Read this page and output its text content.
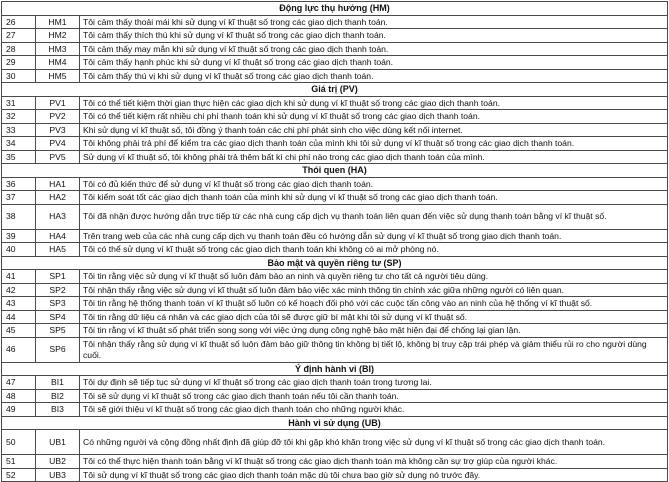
Động lực thụ hưởng (HM)		
26	HM1	Tôi cảm thấy thoải mái khi sử dụng ví kĩ thuật số trong các giao dịch thanh toán.
27	HM2	Tôi cảm thấy thích thú khi sử dụng ví kĩ thuật số trong các giao dịch thanh toán.
28	HM3	Tôi cảm thấy may mắn khi sử dụng ví kĩ thuật số trong các giao dịch thanh toán.
29	HM4	Tôi cảm thấy hạnh phúc khi sử dụng ví kĩ thuật số trong các giao dịch thanh toán.
30	HM5	Tôi cảm thấy thú vị khi sử dụng ví kĩ thuật số trong các giao dịch thanh toán.
Giá trị (PV)		
31	PV1	Tôi có thể tiết kiệm thời gian thực hiện các giao dịch khi sử dụng ví kĩ thuật số trong các giao dịch thanh toán.
32	PV2	Tôi có thể tiết kiệm rất nhiều chi phí thanh toán khi sử dụng ví kĩ thuật số trong các giao dịch thanh toán.
33	PV3	Khi sử dụng ví kĩ thuật số, tôi đồng ý thanh toán các chi phí phát sinh cho việc dùng kết nối internet.
34	PV4	Tôi không phải trả phí để kiểm tra các giao dịch thanh toán của mình khi tôi sử dụng ví kĩ thuật số trong các giao dịch thanh toán.
35	PV5	Sử dụng ví kĩ thuật số, tôi không phải trả thêm bất kì chi phí nào trong các giao dịch thanh toán của mình.
Thói quen (HA)		
36	HA1	Tôi có đủ kiến thức để sử dụng ví kĩ thuật số trong các giao dịch thanh toán.
37	HA2	Tôi kiểm soát tốt các giao dịch thanh toán của mình khi sử dụng ví kĩ thuật số trong các giao dịch thanh toán.
38	HA3	Tôi đã nhận được hướng dẫn trực tiếp từ các nhà cung cấp dịch vụ thanh toán liên quan đến việc sử dụng thanh toán bằng ví kĩ thuật số.
39	HA4	Trên trang web của các nhà cung cấp dịch vụ thanh toán đều có hướng dẫn sử dụng ví kĩ thuật số trong giao dịch thanh toán.
40	HA5	Tôi có thể sử dụng ví kĩ thuật số trong các giao dịch thanh toán khi không có ai mở phòng nó.
Bảo mật và quyền riêng tư (SP)		
41	SP1	Tôi tin rằng việc sử dụng ví kĩ thuật số luôn đảm bảo an ninh và quyền riêng tư cho tất cả người tiêu dùng.
42	SP2	Tôi nhận thấy rằng việc sử dụng ví kĩ thuật số luôn đảm bảo việc xác minh thông tin chính xác giữa những người có liên quan.
43	SP3	Tôi tin rằng hệ thống thanh toán ví kĩ thuật số luôn có kế hoạch đối phó với các cuộc tấn công vào an ninh của hệ thống ví kĩ thuật số.
44	SP4	Tôi tin rằng dữ liệu cá nhân và các giao dịch của tôi sẽ được giữ bí mật khi tôi sử dụng ví kĩ thuật số.
45	SP5	Tôi tin rằng ví kĩ thuật số phát triển song song với việc ứng dụng công nghệ bảo mật hiện đại để chống lại gian lận.
46	SP6	Tôi nhận thấy rằng sử dụng ví kĩ thuật số luôn đảm bảo giữ thông tin không bị tiết lộ, không bị truy cập trái phép và giảm thiểu rủi ro cho người dùng cuối.
Ý định hành vi (BI)		
47	BI1	Tôi dự định sẽ tiếp tục sử dụng ví kĩ thuật số trong các giao dịch thanh toán trong tương lai.
48	BI2	Tôi sẽ sử dụng ví kĩ thuật số trong các giao dịch thanh toán nếu tôi cần thanh toán.
49	BI3	Tôi sẽ giới thiệu ví kĩ thuật số trong các giao dịch thanh toán cho những người khác.
Hành vi sử dụng (UB)		
50	UB1	Có những người và cộng đồng nhất định đã giúp đỡ tôi khi gặp khó khăn trong việc sử dụng ví kĩ thuật số trong các giao dịch thanh toán.
51	UB2	Tôi có thể thực hiện thanh toán bằng ví kĩ thuật số trong các giao dịch thanh toán mà không cần sự trợ giúp của người khác.
52	UB3	Tôi sử dụng ví kĩ thuật số trong các giao dịch thanh toán mặc dù tôi chưa bao giờ sử dụng nó trước đây.
